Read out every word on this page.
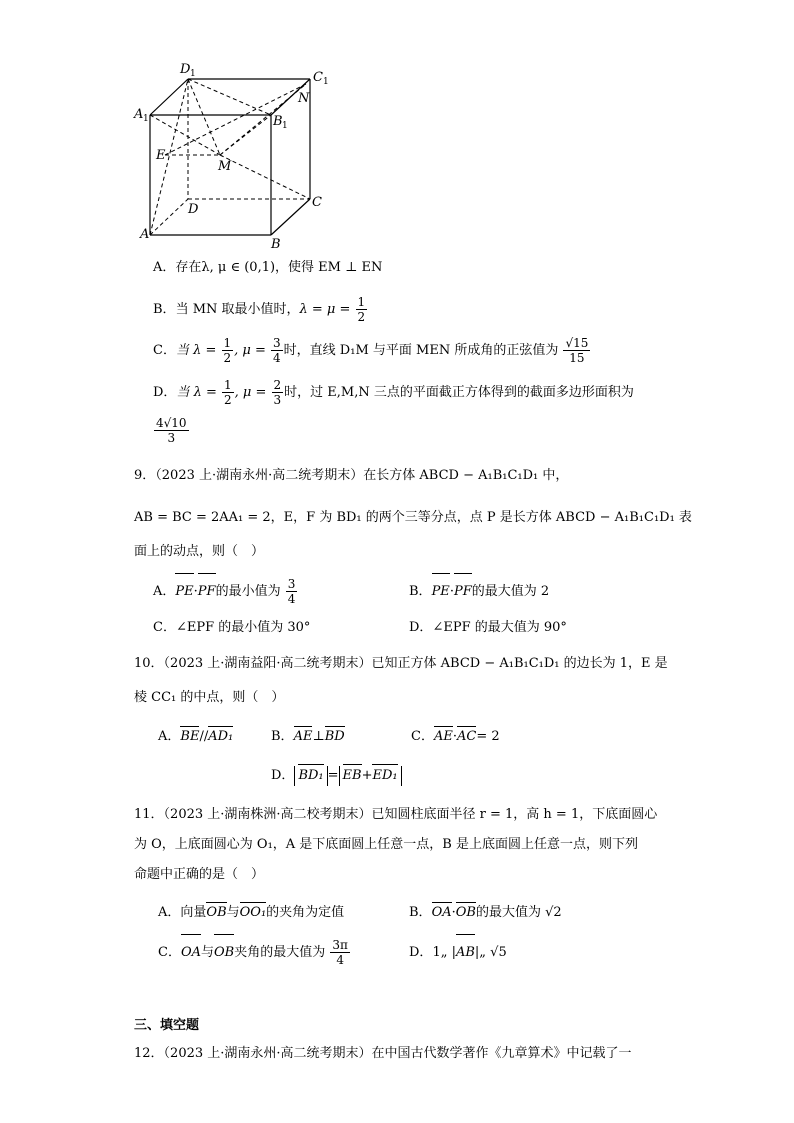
D 1	C 1
A 1	B 1
N
E
M
D	C
A
B
A．存在λ, μ ∈ (0,1)，使得 EM ⊥ EN
B．当 MN 取最小值时，$\lambda = \mu = \frac{1}{2}$
C．当 $\lambda = \frac{1}{2}$ , $\mu = \frac{3}{4}$ 时，直线 D₁M 与平面 MEN 所成角的正弦值为 $\frac{√15}{15}$
D．当 $\lambda = \frac{1}{2}$ , $\mu = \frac{2}{3}$ 时，过 E,M,N 三点的平面截正方体得到的截面多边形面积为
$\frac{4√10}{3}$
9．（2023 上·湖南永州·高二统考期末）在长方体 ABCD − A₁B₁C₁D₁ 中，
AB = BC = 2AA₁ = 2，E，F 为 BD₁ 的两个三等分点，点 P 是长方体 ABCD − A₁B₁C₁D₁ 表
面上的动点，则（　）
A．PE·PF的最小值为 $\frac{3}{4}$	B．PE·PF的最大值为 2
C．∠EPF 的最小值为 30°	D．∠EPF 的最大值为 90°
10．（2023 上·湖南益阳·高二统考期末）已知正方体 ABCD − A₁B₁C₁D₁ 的边长为 1，E 是
棱 CC₁ 的中点，则（　）
A．BE//AD₁	B．AE⊥BD	C．AE·AC= 2
D． BD₁ = EB+ED₁
11．（2023 上·湖南株洲·高二校考期末）已知圆柱底面半径 r = 1，高 h = 1，下底面圆心
为 O，上底面圆心为 O₁，A 是下底面圆上任意一点，B 是上底面圆上任意一点，则下列
命题中正确的是（　）
A．向量OB与OO₁的夹角为定值	B．OA·OB的最大值为 √2
C．OA与OB夹角的最大值为 $\frac{3\pi}{4}$	D．1„ |AB|„ √5
三、填空题
12．（2023 上·湖南永州·高二统考期末）在中国古代数学著作《九章算术》中记载了一
